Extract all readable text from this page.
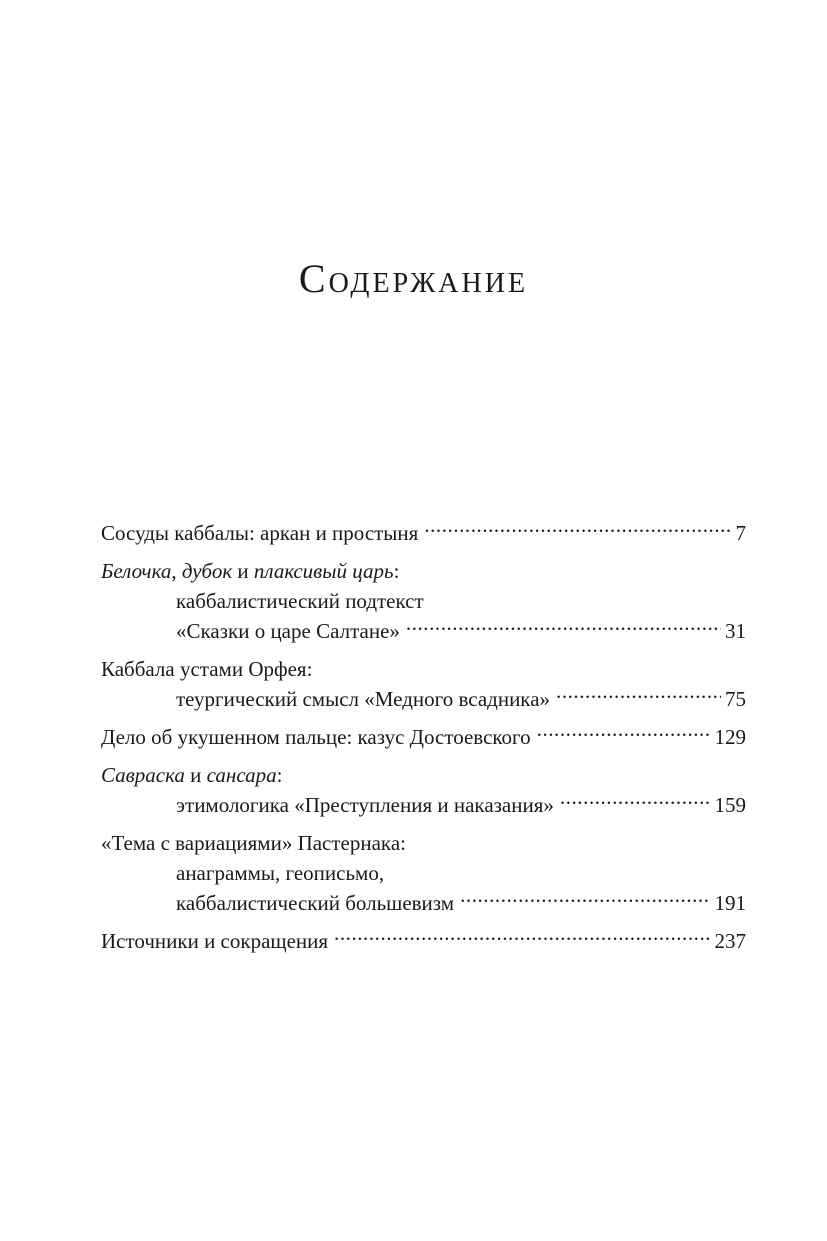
Содержание
Сосуды каббалы: аркан и простыня . . .	7
Белочка, дубок и плаксивый царь:
каббалистический подтекст
«Сказки о царе Салтане» . . .	31
Каббала устами Орфея:
теургический смысл «Медного всадника» . . .	75
Дело об укушенном пальце: казус Достоевского . . .	129
Савраска и сансара:
этимологика «Преступления и наказания» . . .	159
«Тема с вариациями» Пастернака:
анаграммы, геописьмо,
каббалистический большевизм . . .	191
Источники и сокращения . . .	237
